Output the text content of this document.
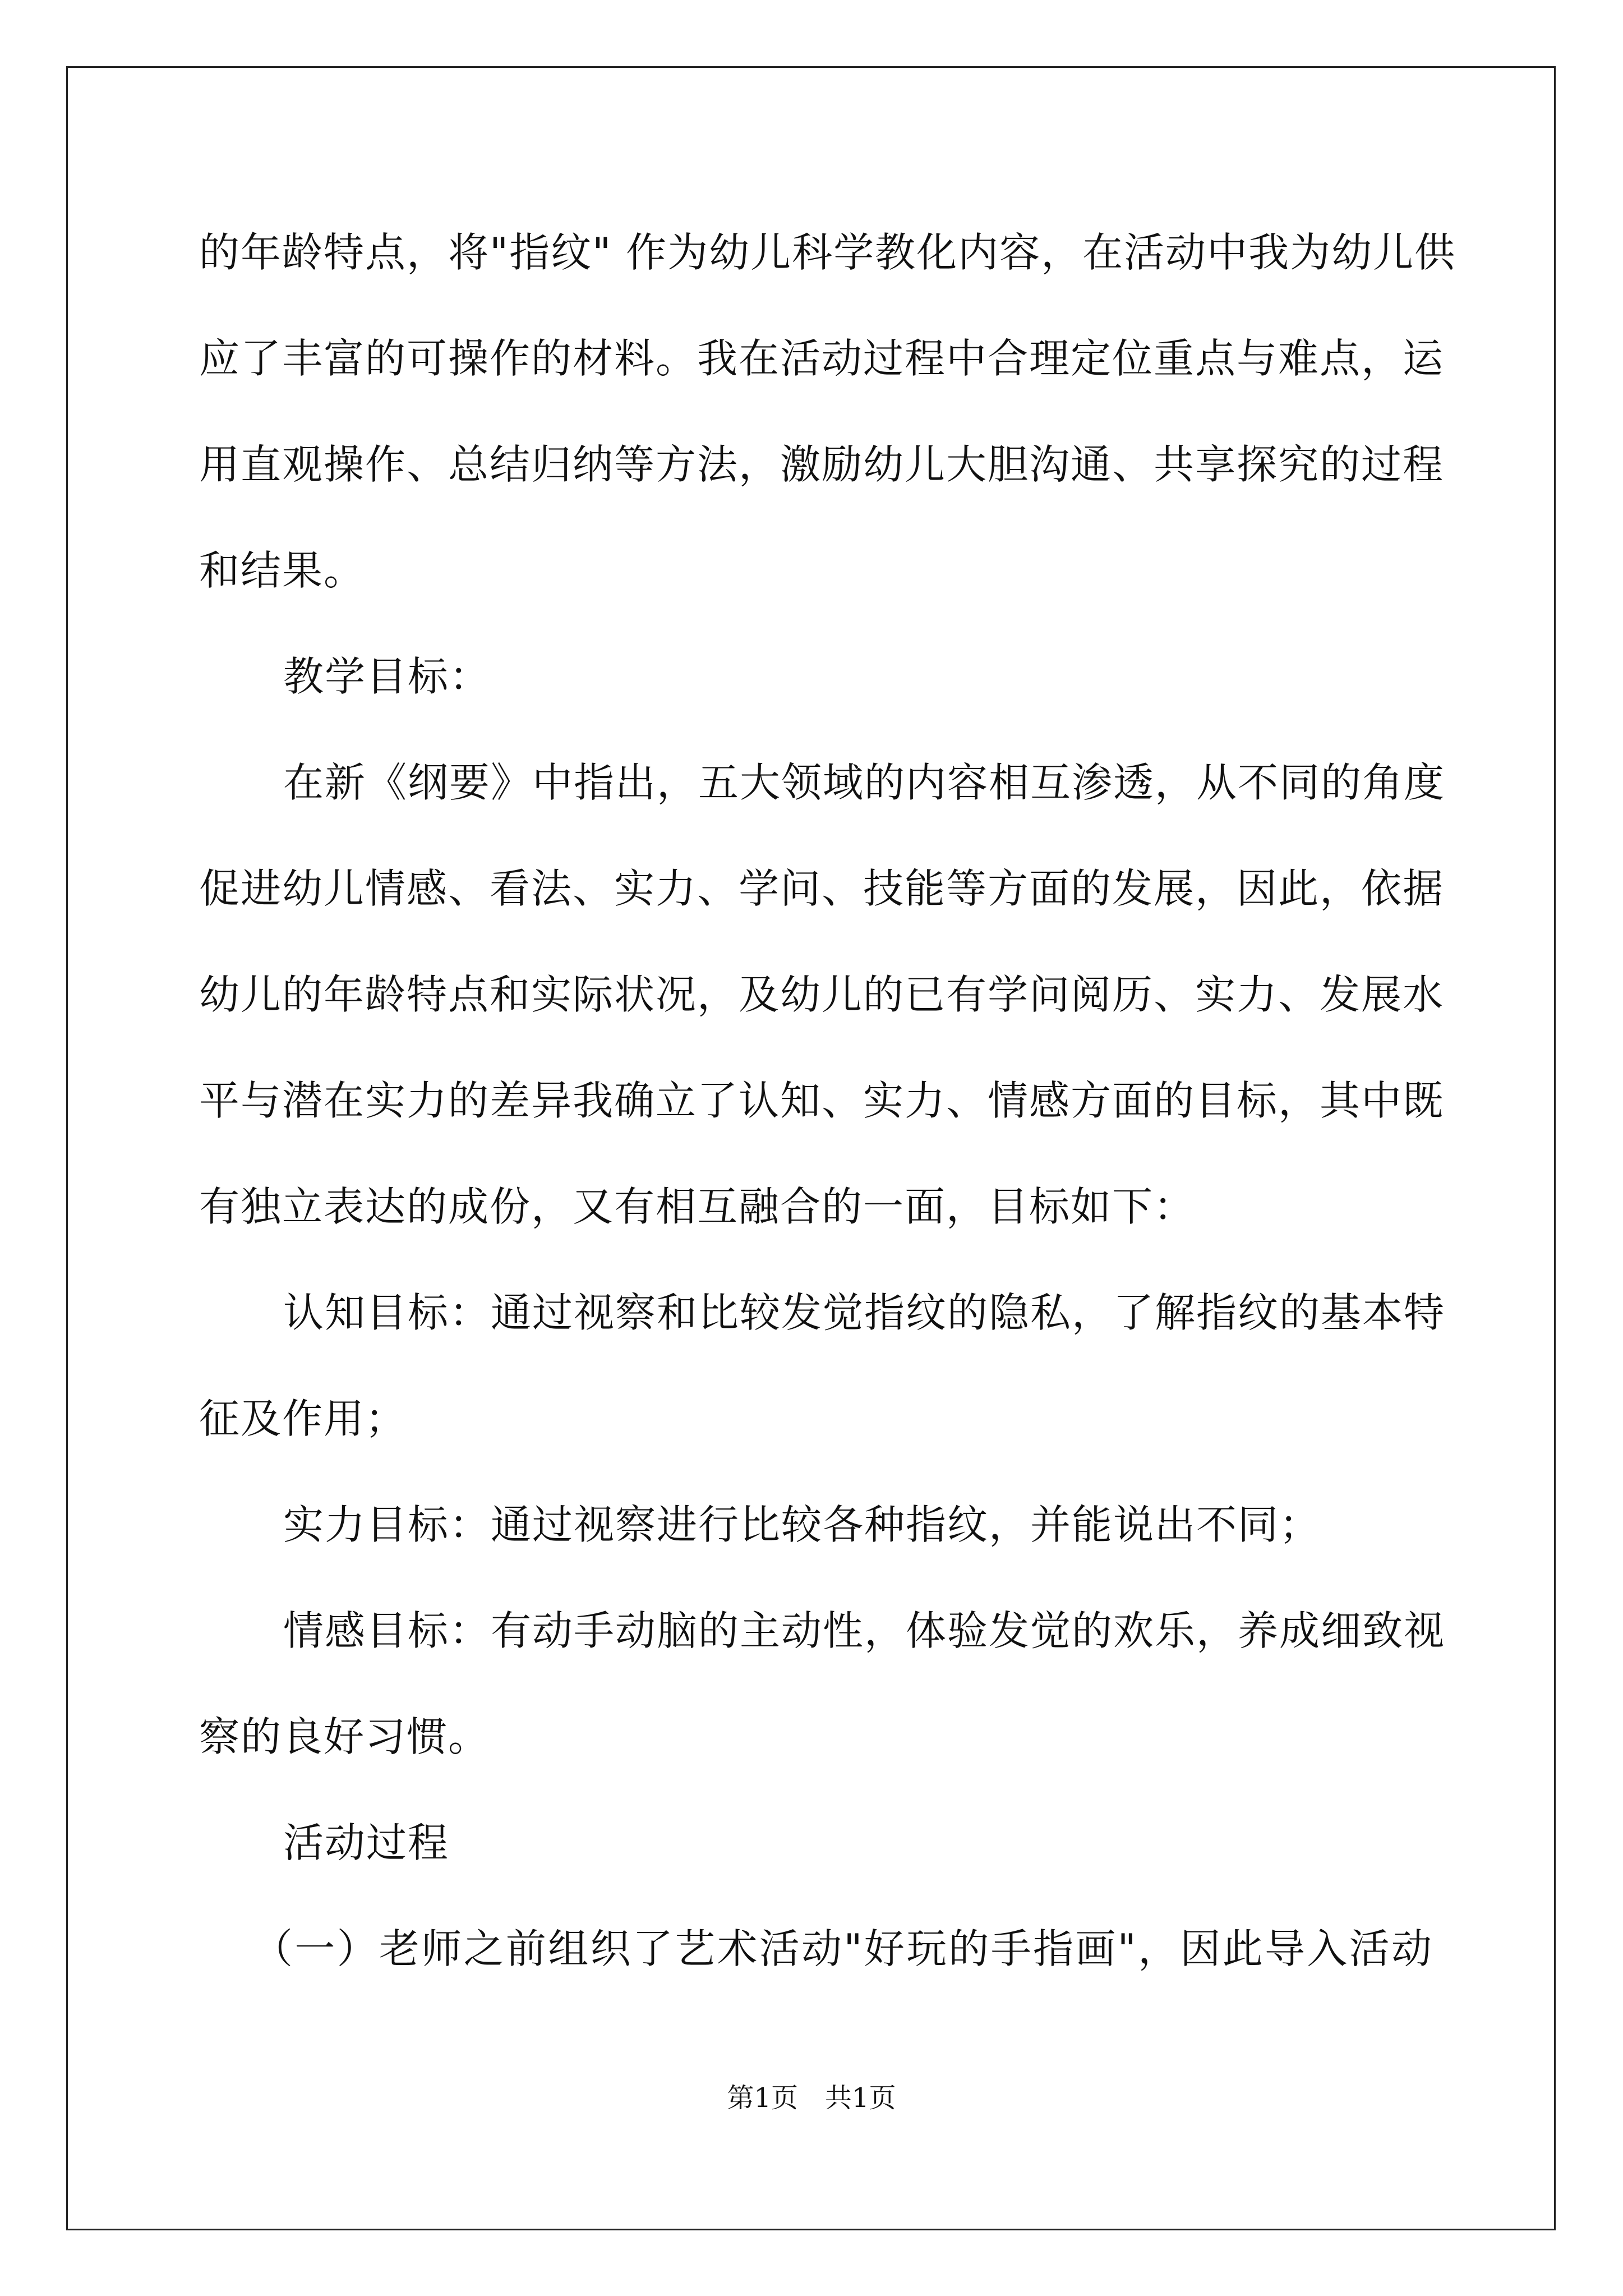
的年龄特点，将"指纹" 作为幼儿科学教化内容，在活动中我为幼儿供
应了丰富的可操作的材料。我在活动过程中合理定位重点与难点，运
用直观操作、总结归纳等方法，激励幼儿大胆沟通、共享探究的过程
和结果。
教学目标：
在新《纲要》中指出，五大领域的内容相互渗透，从不同的角度
促进幼儿情感、看法、实力、学问、技能等方面的发展，因此，依据
幼儿的年龄特点和实际状况，及幼儿的已有学问阅历、实力、发展水
平与潜在实力的差异我确立了认知、实力、情感方面的目标，其中既
有独立表达的成份，又有相互融合的一面，目标如下：
认知目标：通过视察和比较发觉指纹的隐私，了解指纹的基本特
征及作用；
实力目标：通过视察进行比较各种指纹，并能说出不同；
情感目标：有动手动脑的主动性，体验发觉的欢乐，养成细致视
察的良好习惯。
活动过程
（一）老师之前组织了艺术活动"好玩的手指画"，因此导入活动
第1页　共1页
